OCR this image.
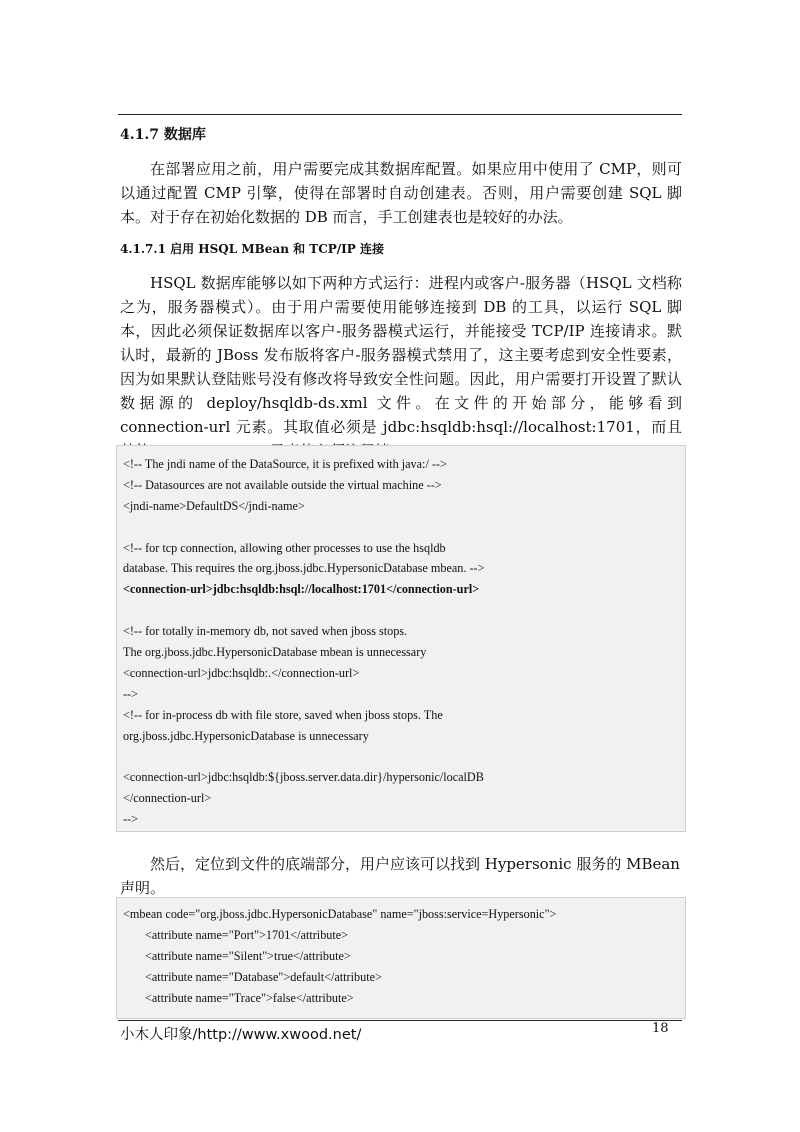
4.1.7 数据库
在部署应用之前，用户需要完成其数据库配置。如果应用中使用了 CMP，则可以通过配置 CMP 引擎，使得在部署时自动创建表。否则，用户需要创建 SQL 脚本。对于存在初始化数据的 DB 而言，手工创建表也是较好的办法。
4.1.7.1 启用 HSQL MBean 和 TCP/IP 连接
HSQL 数据库能够以如下两种方式运行：进程内或客户-服务器（HSQL 文档称之为，服务器模式）。由于用户需要使用能够连接到 DB 的工具，以运行 SQL 脚本，因此必须保证数据库以客户-服务器模式运行，并能接受 TCP/IP 连接请求。默认时，最新的 JBoss 发布版将客户-服务器模式禁用了，这主要考虑到安全性要素，因为如果默认登陆账号没有修改将导致安全性问题。因此，用户需要打开设置了默认数据源的 deploy/hsqldb-ds.xml 文件。在文件的开始部分，能够看到 connection-url 元素。其取值必须是 jdbc:hsqldb:hsql://localhost:1701，而且
<!-- The jndi name of the DataSource, it is prefixed with java:/ -->
<!-- Datasources are not available outside the virtual machine -->
<jndi-name>DefaultDS</jndi-name>
<!-- for tcp connection, allowing other processes to use the hsqldb
database. This requires the org.jboss.jdbc.HypersonicDatabase mbean. -->
<connection-url>jdbc:hsqldb:hsql://localhost:1701</connection-url>
<!-- for totally in-memory db, not saved when jboss stops.
The org.jboss.jdbc.HypersonicDatabase mbean is unnecessary
<connection-url>jdbc:hsqldb:.</connection-url>
-->
<!-- for in-process db with file store, saved when jboss stops. The
org.jboss.jdbc.HypersonicDatabase is unnecessary
<connection-url>jdbc:hsqldb:${jboss.server.data.dir}/hypersonic/localDB
</connection-url>
-->
然后，定位到文件的底端部分，用户应该可以找到 Hypersonic 服务的 MBean 声明。
<mbean code="org.jboss.jdbc.HypersonicDatabase" name="jboss:service=Hypersonic">
<attribute name="Port">1701</attribute>
<attribute name="Silent">true</attribute>
<attribute name="Database">default</attribute>
<attribute name="Trace">false</attribute>
小木人印象/http://www.xwood.net/	18
